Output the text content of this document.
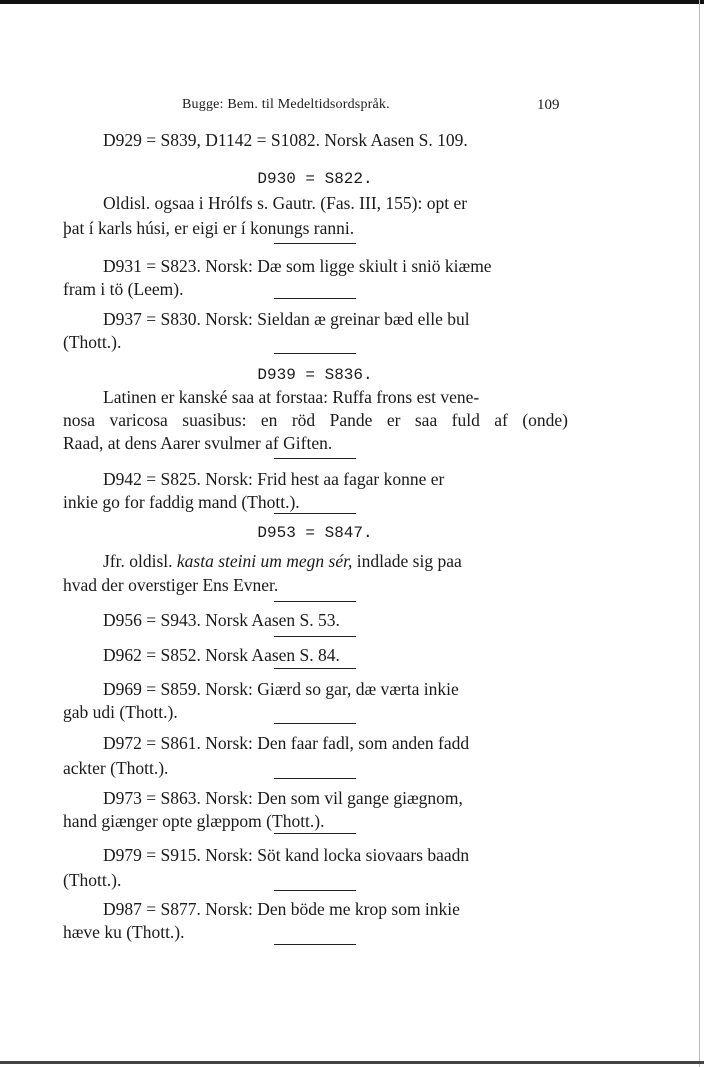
Bugge: Bem. til Medeltidsordspråk.	109
D929 = S839, D1142 = S1082. Norsk Aasen S. 109.
D930 = S822.
Oldisl. ogsaa i Hrólfs s. Gautr. (Fas. III, 155): opt er
þat í karls húsi, er eigi er í konungs ranni.
D931 = S823. Norsk: Dæ som ligge skiult i sniö kiæme
fram i tö (Leem).
D937 = S830. Norsk: Sieldan æ greinar bæd elle bul
(Thott.).
D939 = S836.
Latinen er kanské saa at forstaa: Ruffa frons est vene-
nosa varicosa suasibus: en röd Pande er saa fuld af (onde)
Raad, at dens Aarer svulmer af Giften.
D942 = S825. Norsk: Frid hest aa fagar konne er
inkie go for faddig mand (Thott.).
D953 = S847.
Jfr. oldisl. kasta steini um megn sér, indlade sig paa
hvad der overstiger Ens Evner.
D956 = S943. Norsk Aasen S. 53.
D962 = S852. Norsk Aasen S. 84.
D969 = S859. Norsk: Giærd so gar, dæ værta inkie
gab udi (Thott.).
D972 = S861. Norsk: Den faar fadl, som anden fadd
ackter (Thott.).
D973 = S863. Norsk: Den som vil gange giægnom,
hand giænger opte glæppom (Thott.).
D979 = S915. Norsk: Söt kand locka siovaars baadn
(Thott.).
D987 = S877. Norsk: Den böde me krop som inkie
hæve ku (Thott.).
